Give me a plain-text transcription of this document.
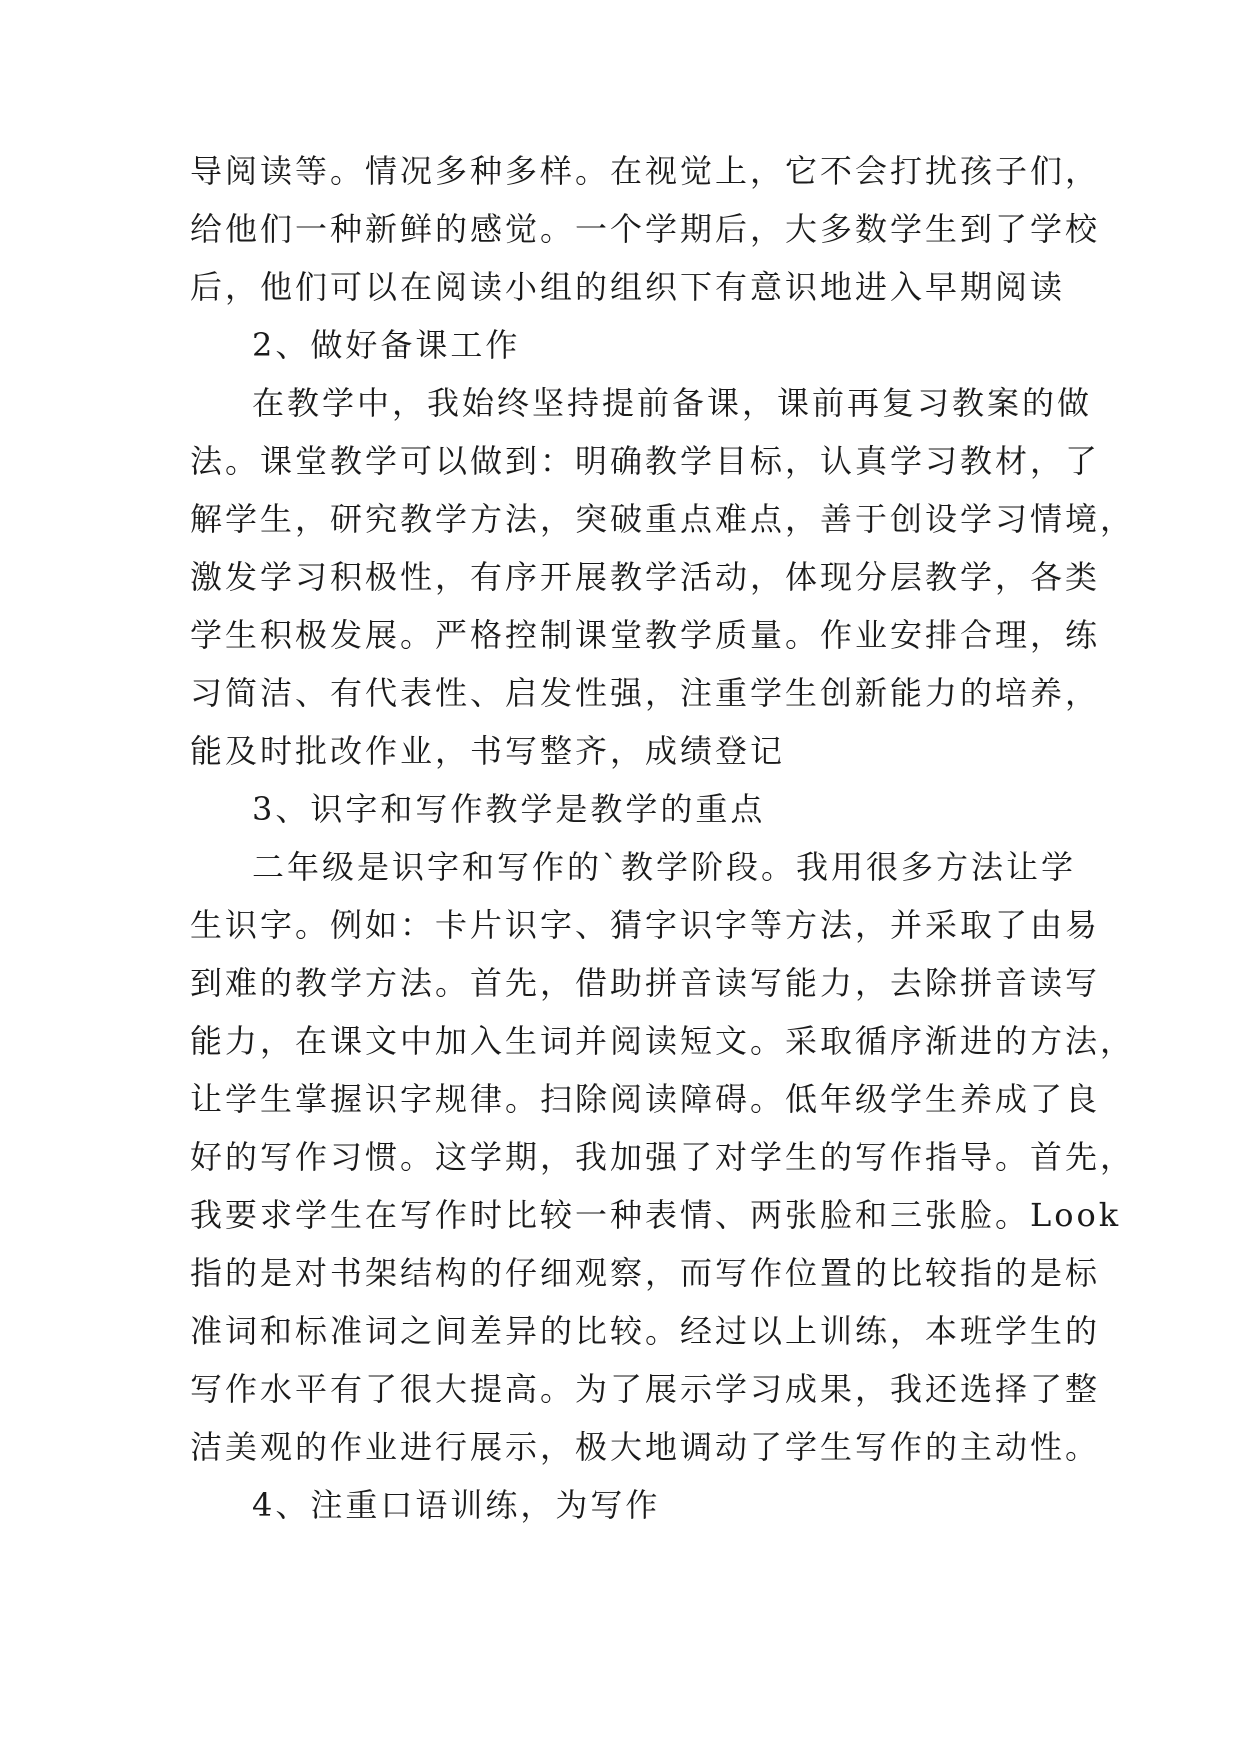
导阅读等。情况多种多样。在视觉上，它不会打扰孩子们，
给他们一种新鲜的感觉。一个学期后，大多数学生到了学校
后，他们可以在阅读小组的组织下有意识地进入早期阅读
2、做好备课工作
在教学中，我始终坚持提前备课，课前再复习教案的做
法。课堂教学可以做到：明确教学目标，认真学习教材，了
解学生，研究教学方法，突破重点难点，善于创设学习情境，
激发学习积极性，有序开展教学活动，体现分层教学，各类
学生积极发展。严格控制课堂教学质量。作业安排合理，练
习简洁、有代表性、启发性强，注重学生创新能力的培养，
能及时批改作业，书写整齐，成绩登记
3、识字和写作教学是教学的重点
二年级是识字和写作的`教学阶段。我用很多方法让学
生识字。例如：卡片识字、猜字识字等方法，并采取了由易
到难的教学方法。首先，借助拼音读写能力，去除拼音读写
能力，在课文中加入生词并阅读短文。采取循序渐进的方法，
让学生掌握识字规律。扫除阅读障碍。低年级学生养成了良
好的写作习惯。这学期，我加强了对学生的写作指导。首先，
我要求学生在写作时比较一种表情、两张脸和三张脸。Look
指的是对书架结构的仔细观察，而写作位置的比较指的是标
准词和标准词之间差异的比较。经过以上训练，本班学生的
写作水平有了很大提高。为了展示学习成果，我还选择了整
洁美观的作业进行展示，极大地调动了学生写作的主动性。
4、注重口语训练，为写作
